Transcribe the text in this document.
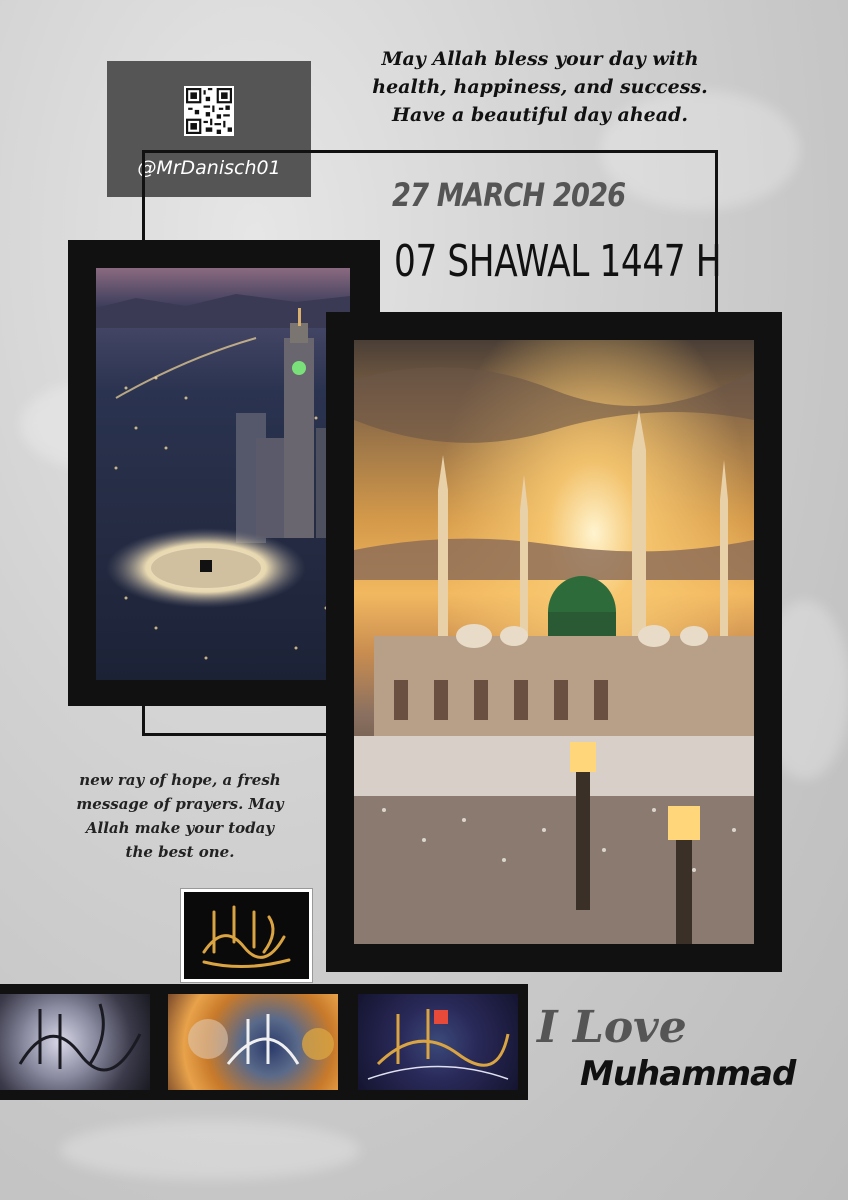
@MrDanisch01
May Allah bless your day with
health, happiness, and success.
Have a beautiful day ahead.
27 MARCH 2026
07 SHAWAL 1447 H
new ray of hope, a fresh
message of prayers. May
Allah make your today
the best one.
I Love
Muhammad
